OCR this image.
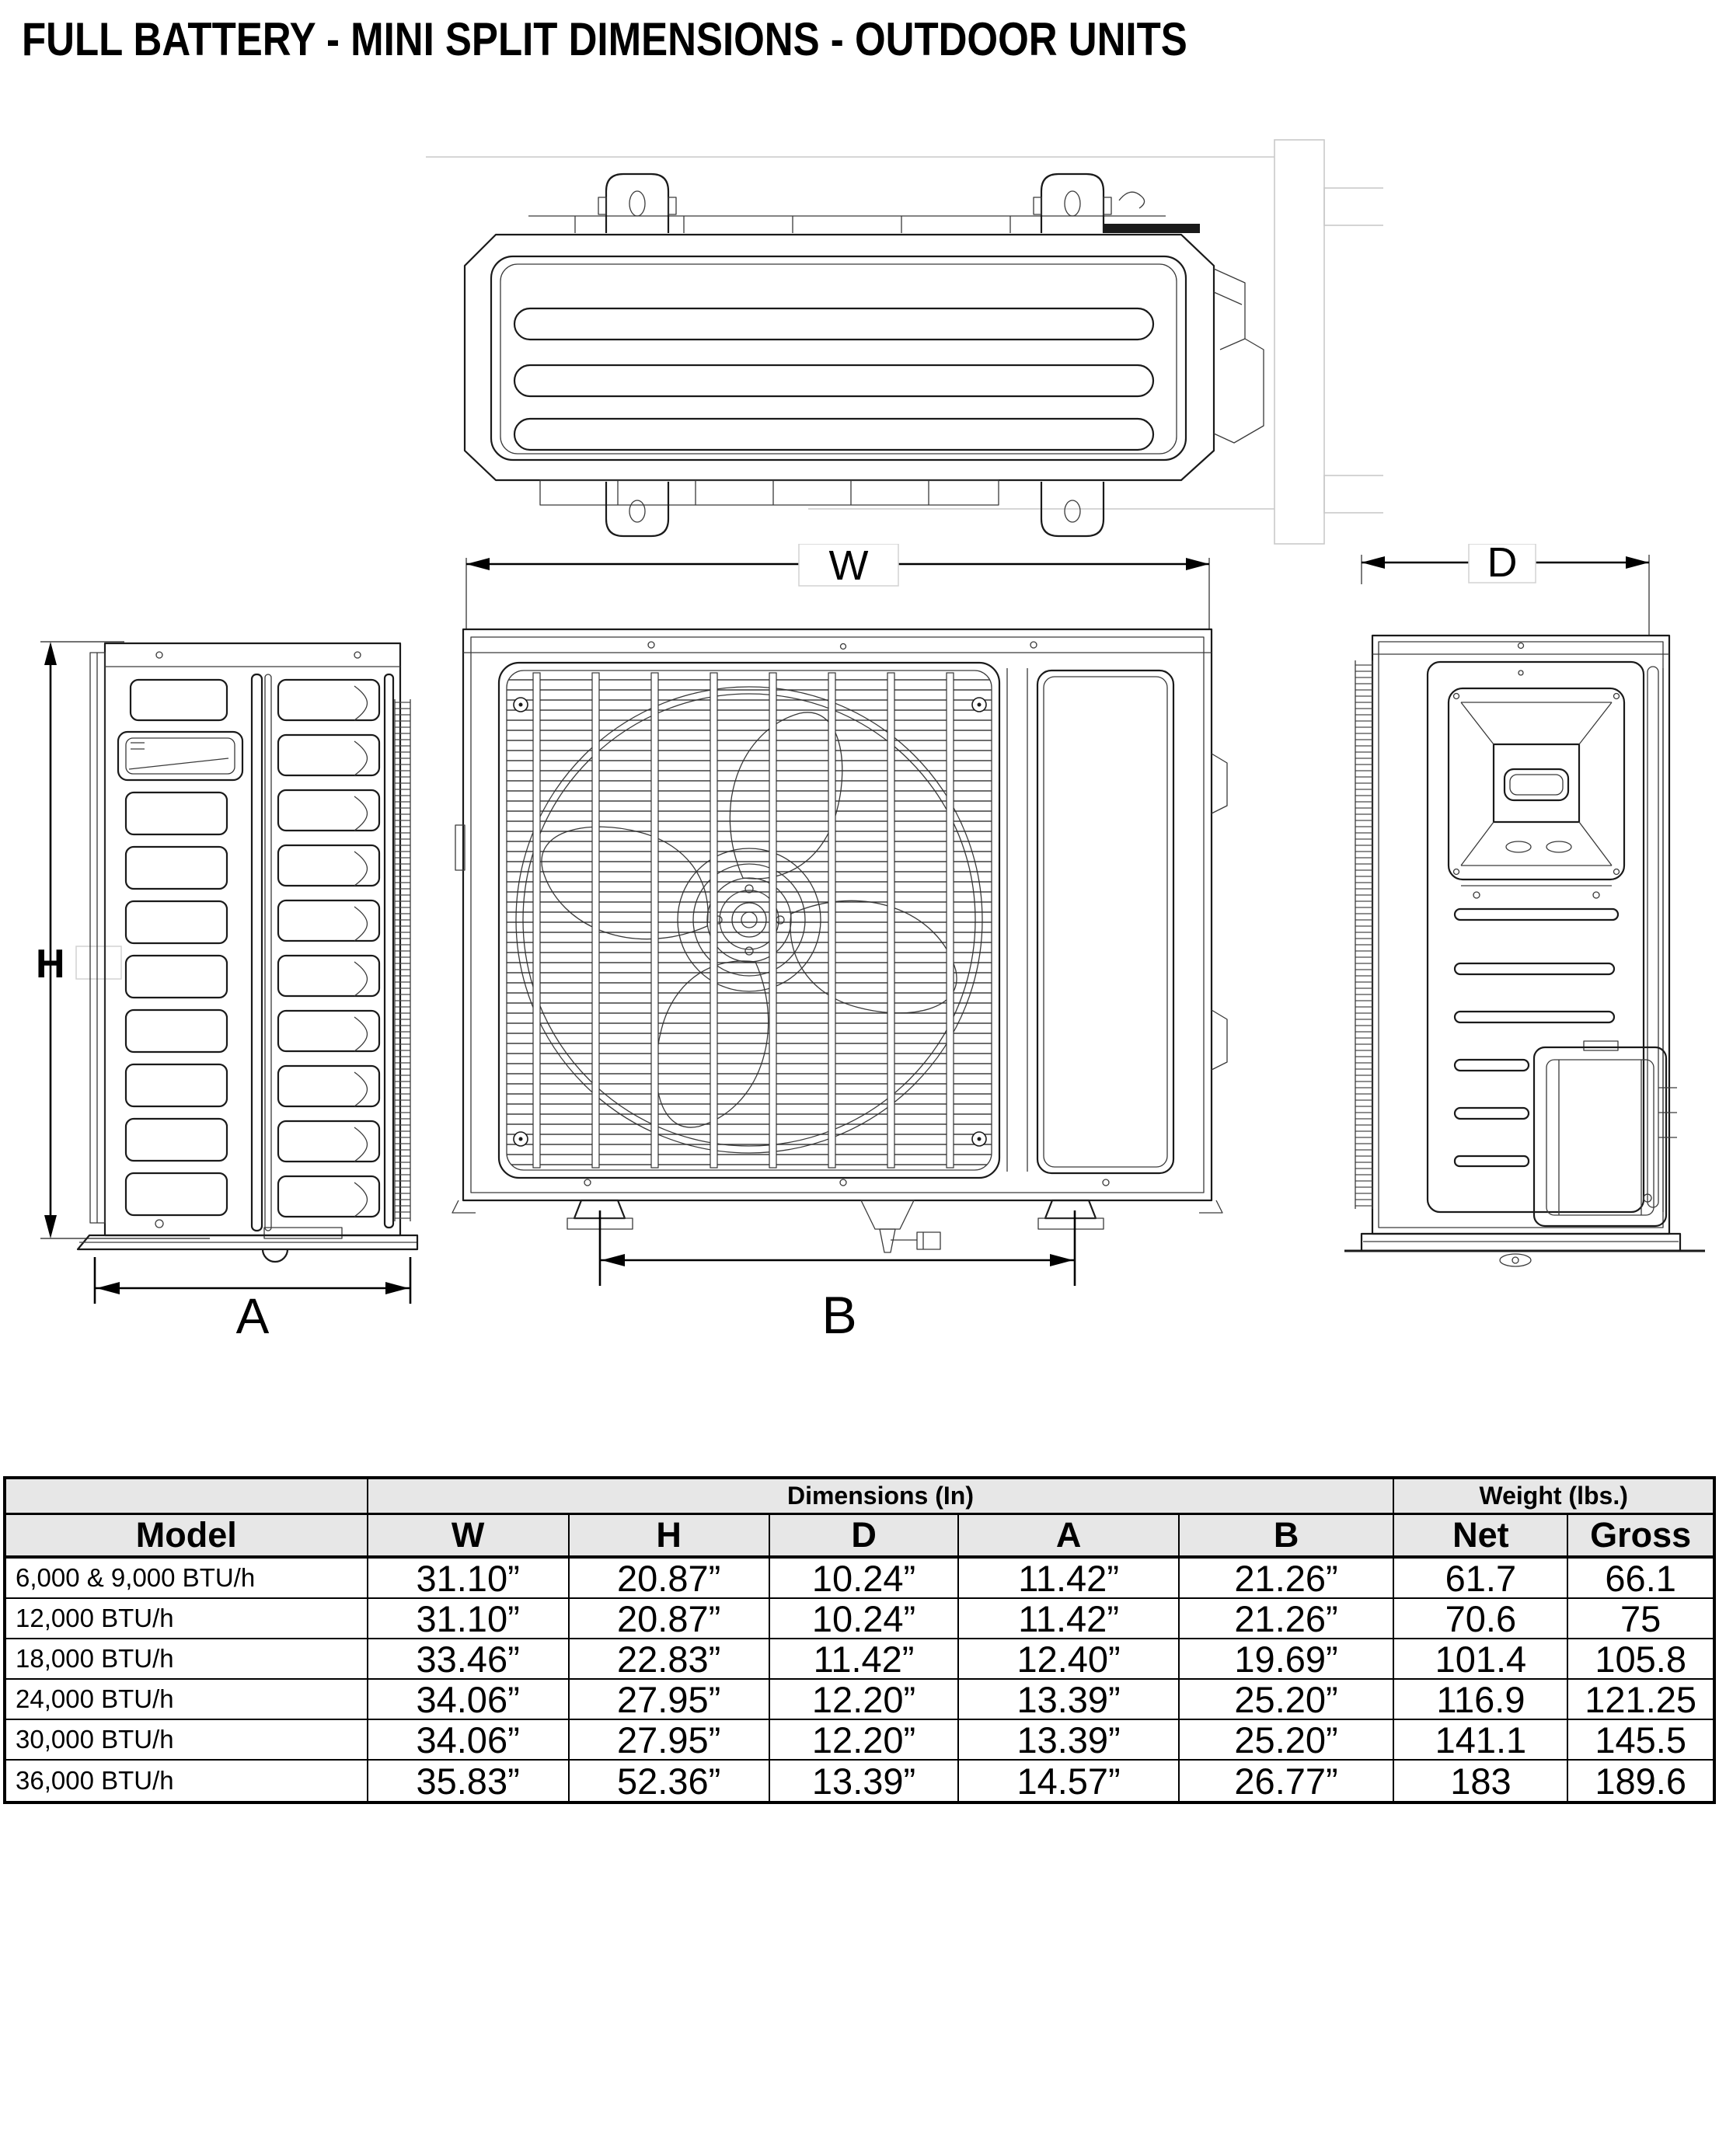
FULL BATTERY - MINI SPLIT DIMENSIONS - OUTDOOR UNITS
H
A
W
B
D
Dimensions (In)	Weight (lbs.)
Model	W	H	D	A	B	Net	Gross
6,000 & 9,000 BTU/h	31.10”	20.87”	10.24”	11.42”	21.26”	61.7	66.1
12,000 BTU/h	31.10”	20.87”	10.24”	11.42”	21.26”	70.6	75
18,000 BTU/h	33.46”	22.83”	11.42”	12.40”	19.69”	101.4	105.8
24,000 BTU/h	34.06”	27.95”	12.20”	13.39”	25.20”	116.9	121.25
30,000 BTU/h	34.06”	27.95”	12.20”	13.39”	25.20”	141.1	145.5
36,000 BTU/h	35.83”	52.36”	13.39”	14.57”	26.77”	183	189.6
